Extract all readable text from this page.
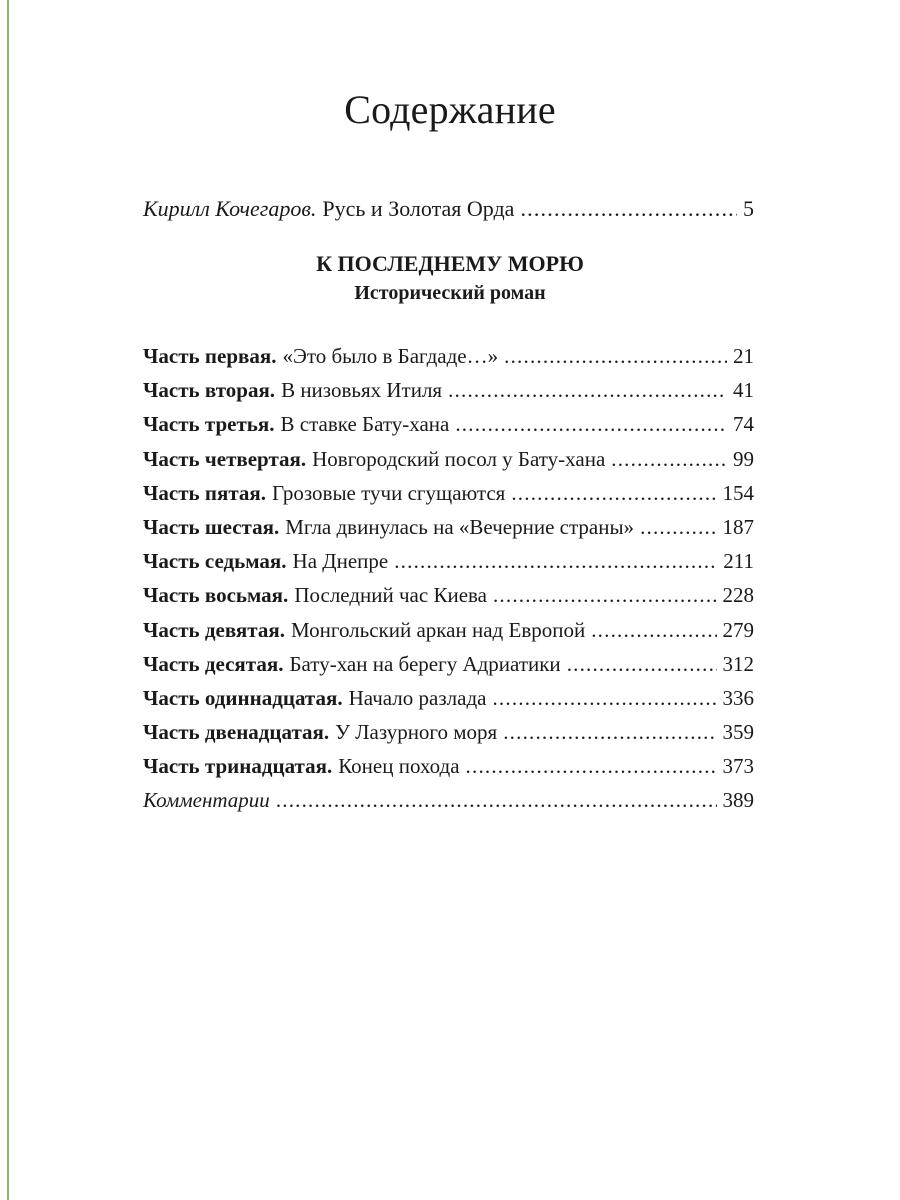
Содержание
Кирилл Кочегаров. Русь и Золотая Орда .....	5
К ПОСЛЕДНЕМУ МОРЮ
Исторический роман
Часть первая. «Это было в Багдаде…» .....	21
Часть вторая. В низовьях Итиля .....	41
Часть третья. В ставке Бату-хана .....	74
Часть четвертая. Новгородский посол у Бату-хана .....	99
Часть пятая. Грозовые тучи сгущаются .....	154
Часть шестая. Мгла двинулась на «Вечерние страны» .....	187
Часть седьмая. На Днепре .....	211
Часть восьмая. Последний час Киева .....	228
Часть девятая. Монгольский аркан над Европой .....	279
Часть десятая. Бату-хан на берегу Адриатики .....	312
Часть одиннадцатая. Начало разлада .....	336
Часть двенадцатая. У Лазурного моря .....	359
Часть тринадцатая. Конец похода .....	373
Комментарии .....	389
